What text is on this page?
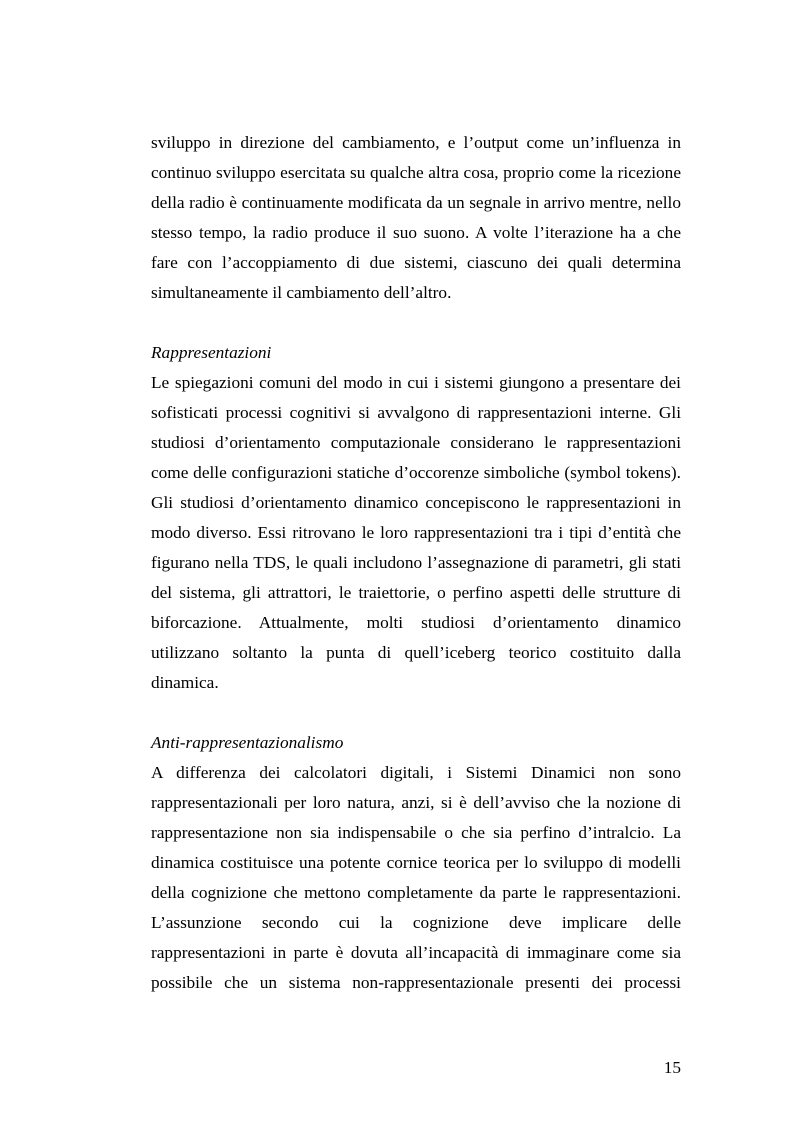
sviluppo in direzione del cambiamento, e l’output come un’influenza in
continuo sviluppo esercitata su qualche altra cosa, proprio come la ricezione
della radio è continuamente modificata da un segnale in arrivo mentre, nello
stesso tempo, la radio produce il suo suono. A volte l’iterazione ha a che
fare con l’accoppiamento di due sistemi, ciascuno dei quali determina
simultaneamente il cambiamento dell’altro.

Rappresentazioni

Le spiegazioni comuni del modo in cui i sistemi giungono a presentare dei
sofisticati processi cognitivi si avvalgono di rappresentazioni interne. Gli
studiosi d’orientamento computazionale considerano le rappresentazioni
come delle configurazioni statiche d’occorenze simboliche (symbol tokens).
Gli studiosi d’orientamento dinamico concepiscono le rappresentazioni in
modo diverso. Essi ritrovano le loro rappresentazioni tra i tipi d’entità che
figurano nella TDS, le quali includono l’assegnazione di parametri, gli stati
del sistema, gli attrattori, le traiettorie, o perfino aspetti delle strutture di
biforcazione. Attualmente, molti studiosi d’orientamento dinamico
utilizzano soltanto la punta di quell’iceberg teorico costituito dalla
dinamica.

Anti-rappresentazionalismo

A differenza dei calcolatori digitali, i Sistemi Dinamici non sono
rappresentazionali per loro natura, anzi, si è dell’avviso che la nozione di
rappresentazione non sia indispensabile o che sia perfino d’intralcio. La
dinamica costituisce una potente cornice teorica per lo sviluppo di modelli
della cognizione che mettono completamente da parte le rappresentazioni.
L’assunzione secondo cui la cognizione deve implicare delle
rappresentazioni in parte è dovuta all’incapacità di immaginare come sia
possibile che un sistema non-rappresentazionale presenti dei processi

15
